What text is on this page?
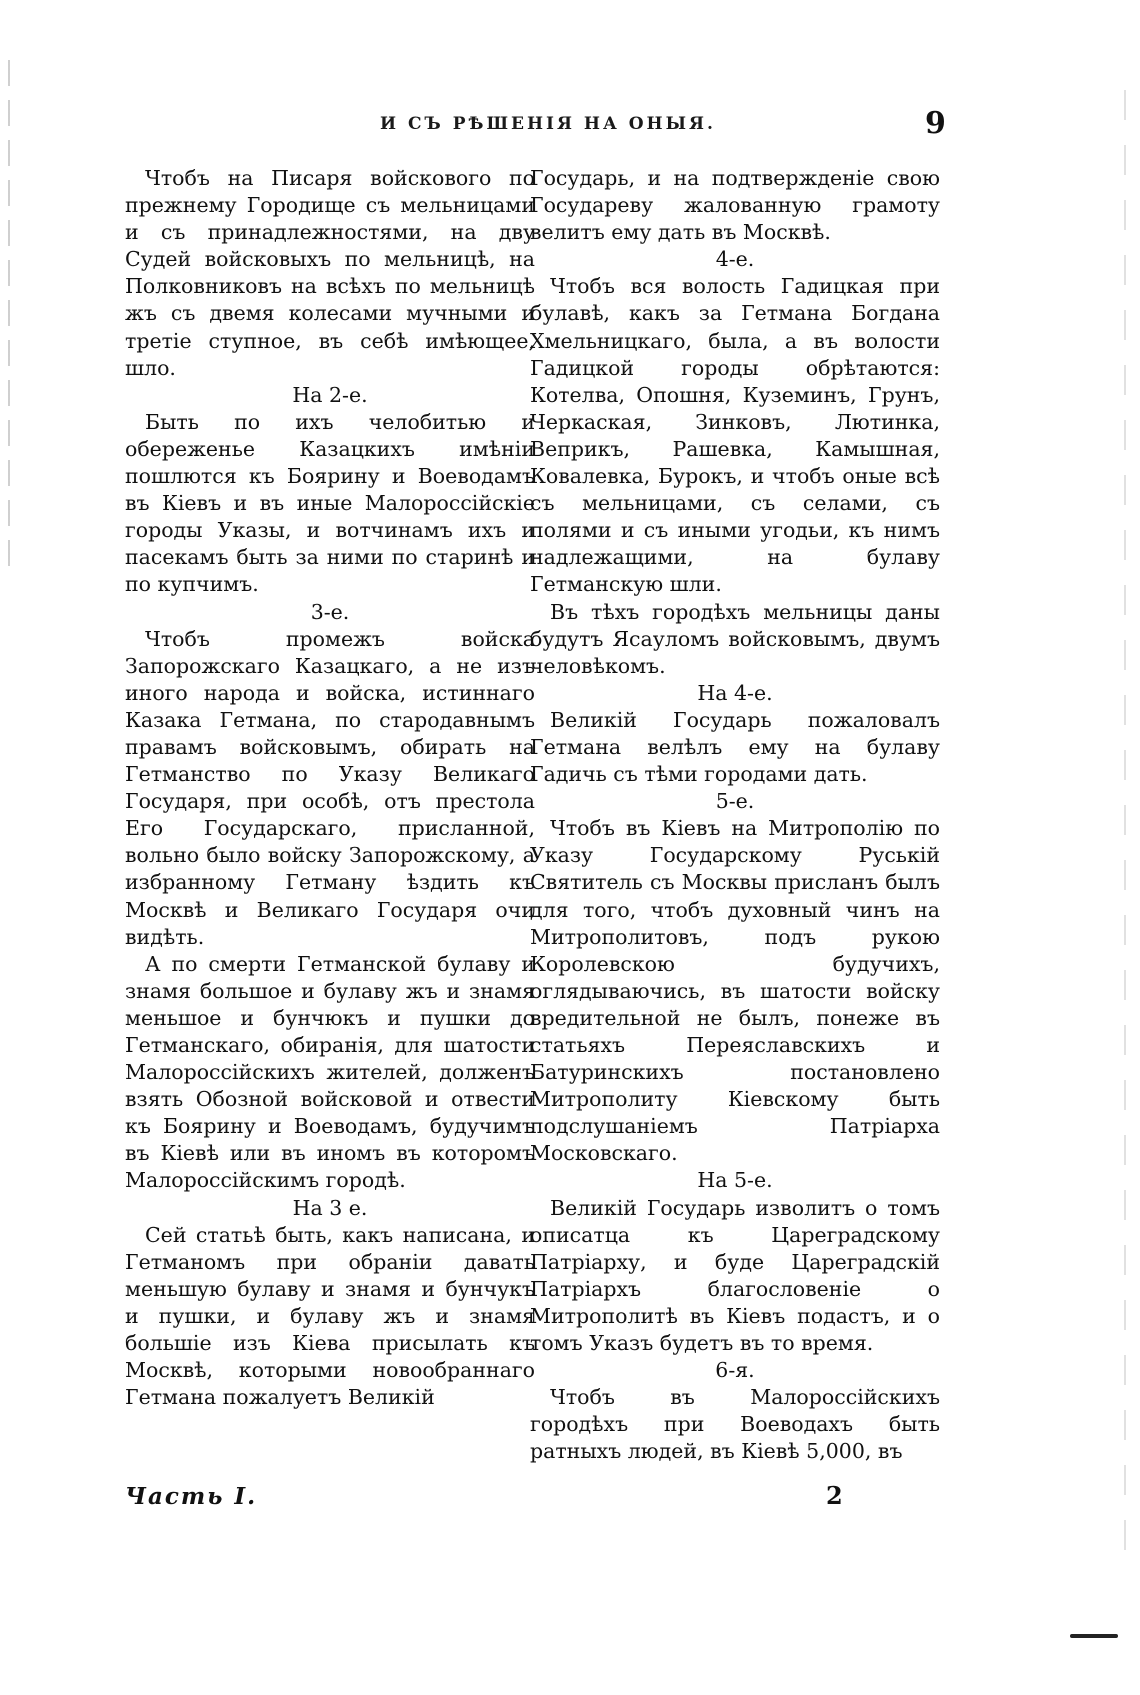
И СЪ РѢШЕНІЯ НА ОНЫЯ.	9

Чтобъ на Писаря войскового по прежнему Городище съ мельницами и съ принадлежностями, на дву Судей войсковыхъ по мельницѣ, на Полковниковъ на всѣхъ по мельницѣ жъ съ двемя колесами мучными и третіе ступное, въ себѣ имѣющее, шло.

На 2-е.

Быть по ихъ челобитью и обереженье Казацкихъ имѣніи пошлются къ Боярину и Воеводамъ въ Кіевъ и въ иные Малороссійскіе городы Указы, и вотчинамъ ихъ и пасекамъ быть за ними по старинѣ и по купчимъ.

3-е.

Чтобъ промежъ войска Запорожскаго Казацкаго, а не изъ иного народа и войска, истиннаго Казака Гетмана, по стародавнымъ правамъ войсковымъ, обирать на Гетманство по Указу Великаго Государя, при особѣ, отъ престола Его Государскаго, присланной, вольно было войску Запорожскому, а избранному Гетману ѣздить къ Москвѣ и Великаго Государя очи видѣть.

А по смерти Гетманской булаву и знамя большое и булаву жъ и знамя меньшое и бунчюкъ и пушки до Гетманскаго, обиранія, для шатости Малороссійскихъ жителей, долженъ взять Обозной войсковой и отвести къ Боярину и Воеводамъ, будучимъ въ Кіевѣ или въ иномъ въ которомъ Малороссійскимъ городѣ.

На 3 е.

Сей статьѣ быть, какъ написана, и Гетманомъ при обраніи давать меньшую булаву и знамя и бунчукъ и пушки, и булаву жъ и знамя большіе изъ Кіева присылать къ Москвѣ, которыми новообраннаго Гетмана пожалуетъ Великій

Государь, и на подтвержденіе свою Государеву жалованную грамоту велитъ ему дать въ Москвѣ.

4-е.

Чтобъ вся волость Гадицкая при булавѣ, какъ за Гетмана Богдана Хмельницкаго, была, а въ волости Гадицкой городы обрѣтаются: Котелва, Опошня, Куземинъ, Грунъ, Черкаская, Зинковъ, Лютинка, Веприкъ, Рашевка, Камышная, Ковалевка, Бурокъ, и чтобъ оные всѣ съ мельницами, съ селами, съ полями и съ иными угодьи, къ нимъ надлежащими, на булаву Гетманскую шли.

Въ тѣхъ городѣхъ мельницы даны будутъ Ясауломъ войсковымъ, двумъ человѣкомъ.

На 4-е.

Великій Государь пожаловалъ Гетмана велѣлъ ему на булаву Гадичь съ тѣми городами дать.

5-е.

Чтобъ въ Кіевъ на Митрополію по Указу Государскому Руській Святитель съ Москвы присланъ былъ для того, чтобъ духовный чинъ на Митрополитовъ, подъ рукою Королевскою будучихъ, оглядываючись, въ шатости войску вредительной не былъ, понеже въ статьяхъ Переяславскихъ и Батуринскихъ постановлено Митрополиту Кіевскому быть подслушаніемъ Патріарха Московскаго.

На 5-е.

Великій Государь изволитъ о томъ описатца къ Цареградскому Патріарху, и буде Цареградскій Патріархъ благословеніе о Митрополитѣ въ Кіевъ подастъ, и о томъ Указъ будетъ въ то время.

6-я.

Чтобъ въ Малороссійскихъ городѣхъ при Воеводахъ быть ратныхъ людей, въ Кіевѣ 5,000, въ

Часть I.	2
